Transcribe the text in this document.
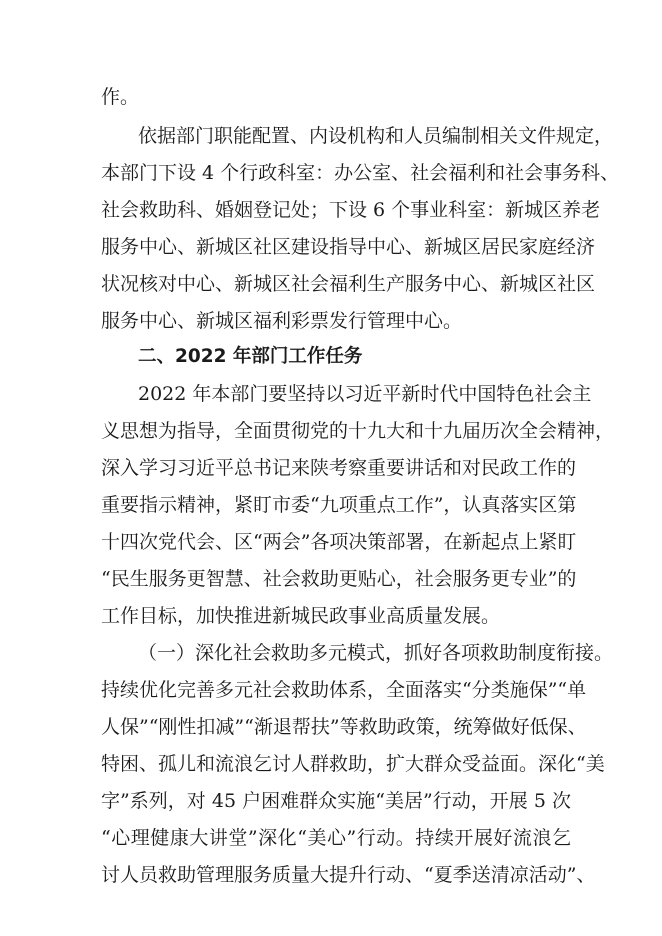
作。
依据部门职能配置、内设机构和人员编制相关文件规定，
本部门下设 4 个行政科室：办公室、社会福利和社会事务科、
社会救助科、婚姻登记处；下设 6 个事业科室：新城区养老
服务中心、新城区社区建设指导中心、新城区居民家庭经济
状况核对中心、新城区社会福利生产服务中心、新城区社区
服务中心、新城区福利彩票发行管理中心。
二、2022 年部门工作任务
2022 年本部门要坚持以习近平新时代中国特色社会主
义思想为指导，全面贯彻党的十九大和十九届历次全会精神，
深入学习习近平总书记来陕考察重要讲话和对民政工作的
重要指示精神，紧盯市委“九项重点工作”，认真落实区第
十四次党代会、区“两会”各项决策部署，在新起点上紧盯
“民生服务更智慧、社会救助更贴心，社会服务更专业”的
工作目标，加快推进新城民政事业高质量发展。
（一）深化社会救助多元模式，抓好各项救助制度衔接。
持续优化完善多元社会救助体系，全面落实“分类施保”“单
人保”“刚性扣减”“渐退帮扶”等救助政策，统筹做好低保、
特困、孤儿和流浪乞讨人群救助，扩大群众受益面。深化“美
字”系列，对 45 户困难群众实施“美居”行动，开展 5 次
“心理健康大讲堂”深化“美心”行动。持续开展好流浪乞
讨人员救助管理服务质量大提升行动、“夏季送清凉活动”、
